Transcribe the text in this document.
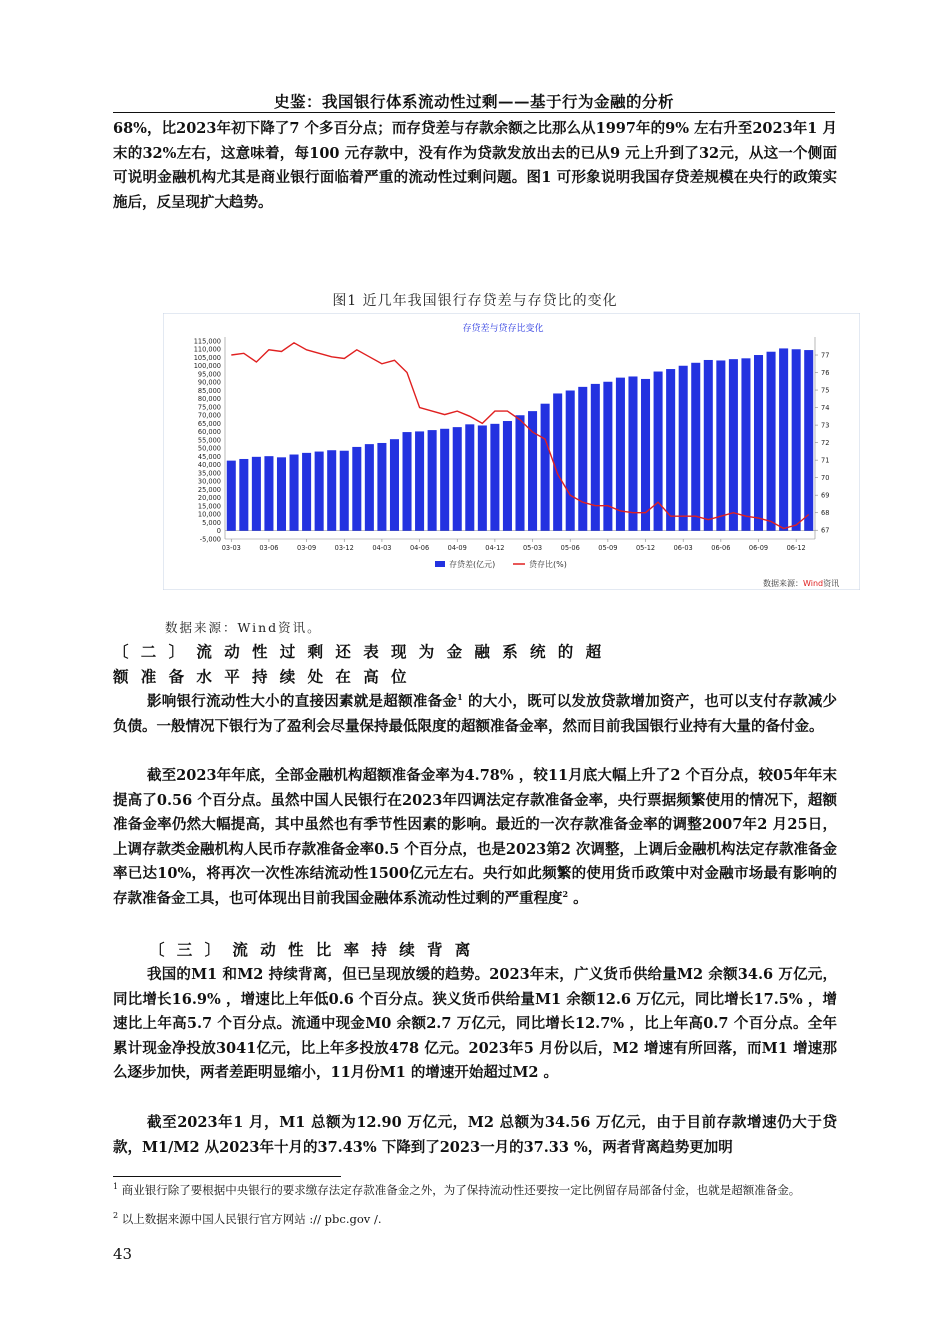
史鉴：我国银行体系流动性过剩——基于行为金融的分析

68%，比2023年初下降了7 个多百分点；而存贷差与存款余额之比那么从1997年的9% 左右升至2023年1 月末的32%左右，这意味着，每100 元存款中，没有作为贷款发放出去的已从9 元上升到了32元，从这一个侧面可说明金融机构尤其是商业银行面临着严重的流动性过剩问题。图1 可形象说明我国存贷差规模在央行的政策实施后，反呈现扩大趋势。

图1 近几年我国银行存贷差与存贷比的变化
存贷差与贷存比变化
115,000
110,000
105,000
100,000
95,000
90,000
85,000
80,000
75,000
70,000
65,000
60,000
55,000
50,000
45,000
40,000
35,000
30,000
25,000
20,000
15,000
10,000
5,000
0
-5,000
77
76
75
74
73
72
71
70
69
68
67
03-03	03-06	03-09	03-12	04-03	04-06	04-09	04-12	05-03	05-06	05-09	05-12	06-03	06-06	06-09	06-12
存贷差(亿元)	贷存比(%)
数据来源：Wind资讯
数据来源：Wind资讯。

〔二〕流动性过剩还表现为金融系统的超

额准备水平持续处在高位

影响银行流动性大小的直接因素就是超额准备金$^1$ 的大小，既可以发放贷款增加资产，也可以支付存款减少负债。一般情况下银行为了盈利会尽量保持最低限度的超额准备金率，然而目前我国银行业持有大量的备付金。

截至2023年年底，全部金融机构超额准备金率为4.78% ，较11月底大幅上升了2 个百分点，较05年年末提高了0.56 个百分点。虽然中国人民银行在2023年四调法定存款准备金率，央行票据频繁使用的情况下，超额准备金率仍然大幅提高，其中虽然也有季节性因素的影响。最近的一次存款准备金率的调整2007年2 月25日，上调存款类金融机构人民币存款准备金率0.5 个百分点，也是2023第2 次调整，上调后金融机构法定存款准备金率已达10%，将再次一次性冻结流动性1500亿元左右。央行如此频繁的使用货币政策中对金融市场最有影响的存款准备金工具，也可体现出目前我国金融体系流动性过剩的严重程度$^2$ 。

〔三〕流动性比率持续背离

我国的M1 和M2 持续背离，但已呈现放缓的趋势。2023年末，广义货币供给量M2 余额34.6 万亿元，同比增长16.9% ，增速比上年低0.6 个百分点。狭义货币供给量M1 余额12.6 万亿元，同比增长17.5% ，增速比上年高5.7 个百分点。流通中现金M0 余额2.7 万亿元，同比增长12.7% ，比上年高0.7 个百分点。全年累计现金净投放3041亿元，比上年多投放478 亿元。2023年5 月份以后，M2 增速有所回落，而M1 增速那么逐步加快，两者差距明显缩小，11月份M1 的增速开始超过M2 。

截至2023年1 月，M1 总额为12.90 万亿元，M2 总额为34.56 万亿元，由于目前存款增速仍大于贷款，M1/M2 从2023年十月的37.43% 下降到了2023一月的37.33 %，两者背离趋势更加明

$^1$ 商业银行除了要根据中央银行的要求缴存法定存款准备金之外，为了保持流动性还要按一定比例留存局部备付金，也就是超额准备金。

$^2$ 以上数据来源中国人民银行官方网站 :// pbc.gov /.

43
